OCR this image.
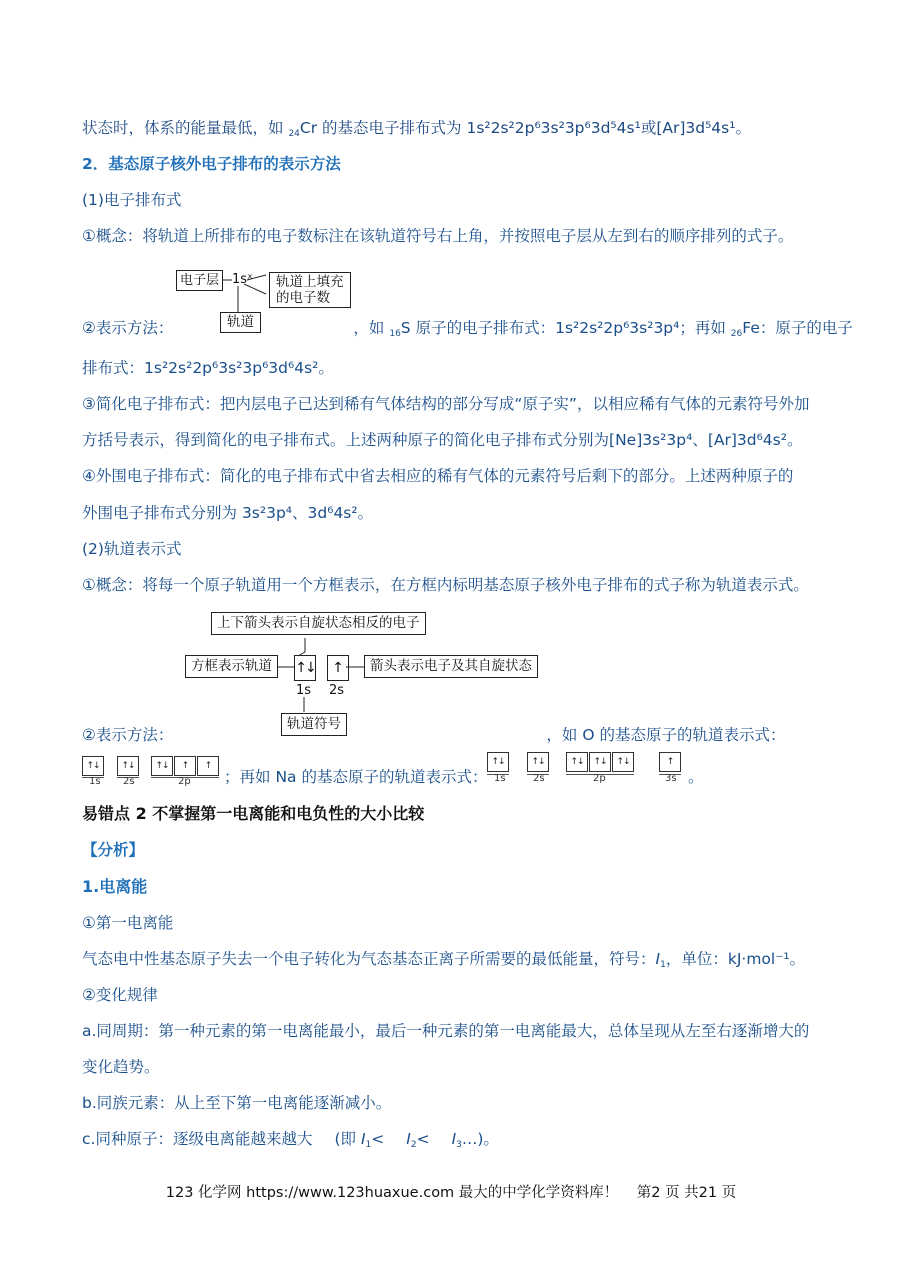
状态时，体系的能量最低，如 $_{24}$Cr 的基态电子排布式为 1s²2s²2p⁶3s²3p⁶3d⁵4s¹或[Ar]3d⁵4s¹。
2．基态原子核外电子排布的表示方法
(1)电子排布式
①概念：将轨道上所排布的电子数标注在该轨道符号右上角，并按照电子层从左到右的顺序排列的式子。
电子层 1sˣ 轨道上填充
的电子数
轨道
②表示方法：	，如 $_{16}$S 原子的电子排布式：1s²2s²2p⁶3s²3p⁴；再如 $_{26}$Fe：原子的电子
排布式：1s²2s²2p⁶3s²3p⁶3d⁶4s²。
③简化电子排布式：把内层电子已达到稀有气体结构的部分写成“原子实”，以相应稀有气体的元素符号外加
方括号表示，得到简化的电子排布式。上述两种原子的简化电子排布式分别为[Ne]3s²3p⁴、[Ar]3d⁶4s²。
④外围电子排布式：简化的电子排布式中省去相应的稀有气体的元素符号后剩下的部分。上述两种原子的
外围电子排布式分别为 3s²3p⁴、3d⁶4s²。
(2)轨道表示式
①概念：将每一个原子轨道用一个方框表示，在方框内标明基态原子核外电子排布的式子称为轨道表示式。
上下箭头表示自旋状态相反的电子
方框表示轨道	↑↓	↑	箭头表示电子及其自旋状态
1s 2s
轨道符号
②表示方法：	，如 O 的基态原子的轨道表示式：
↑↓	↑↓	↑↓	↑	↑
1s 2s	2p ；再如 Na 的基态原子的轨道表示式：
↑↓	↑↓	↑↓	↑↓	↑↓	↑
1s	2s	2p	3s 。
易错点 2 不掌握第一电离能和电负性的大小比较
【分析】
1.电离能
①第一电离能
气态电中性基态原子失去一个电子转化为气态基态正离子所需要的最低能量，符号：$I_1$，单位：kJ·mol⁻¹。
②变化规律
a.同周期：第一种元素的第一电离能最小，最后一种元素的第一电离能最大，总体呈现从左至右逐渐增大的
变化趋势。
b.同族元素：从上至下第一电离能逐渐减小。
c.同种原子：逐级电离能越来越大 (即 $I_1< I_2<$ $I_3\dots$)。
123 化学网 https://www.123huaxue.com 最大的中学化学资料库！ 第2 页 共21 页
